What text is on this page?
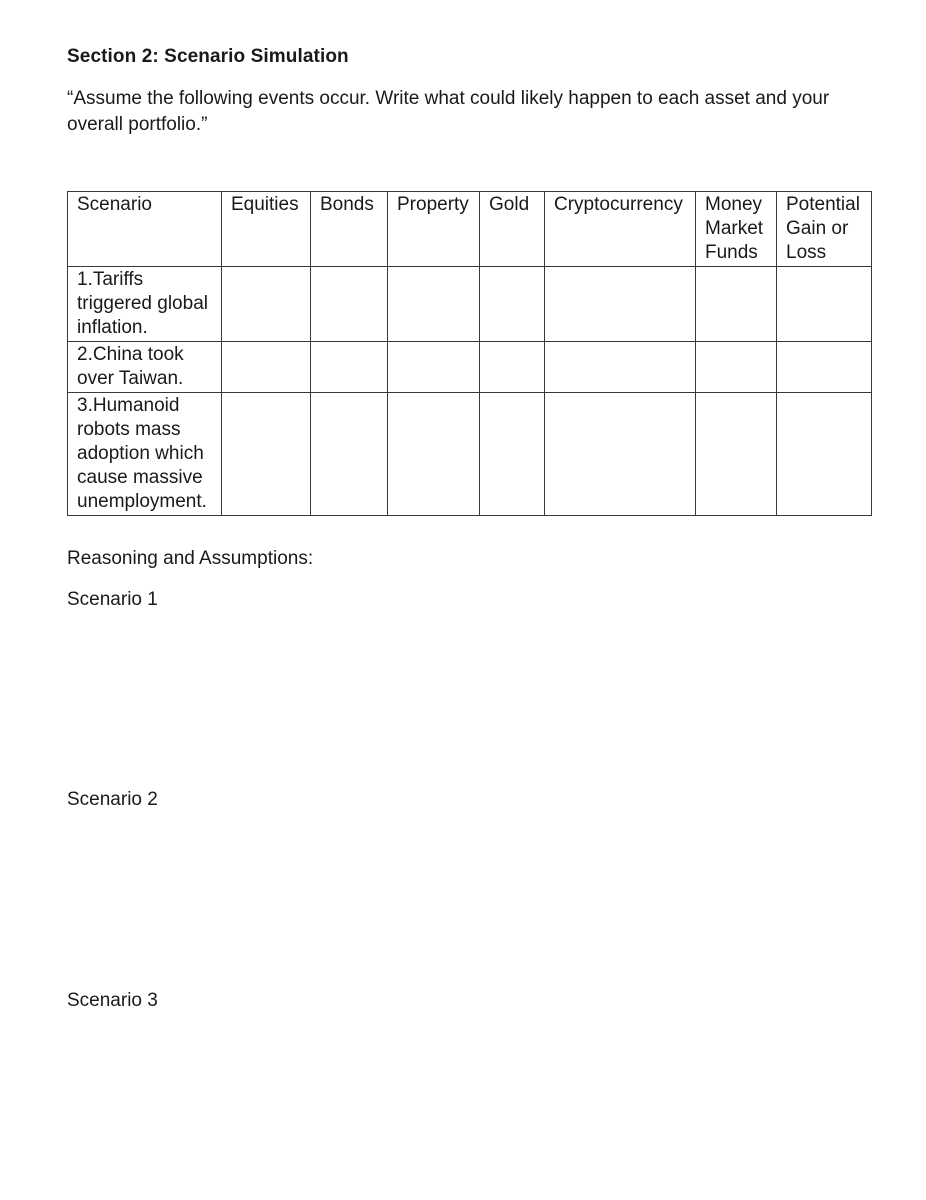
Section 2: Scenario Simulation

“Assume the following events occur. Write what could likely happen to each asset and your overall portfolio.”

Scenario	Equities	Bonds	Property	Gold	Cryptocurrency	Money Market Funds	Potential Gain or Loss
1.Tariffs triggered global inflation.							
2.China took over Taiwan.							
3.Humanoid robots mass adoption which cause massive unemployment.							

Reasoning and Assumptions:

Scenario 1

Scenario 2

Scenario 3
